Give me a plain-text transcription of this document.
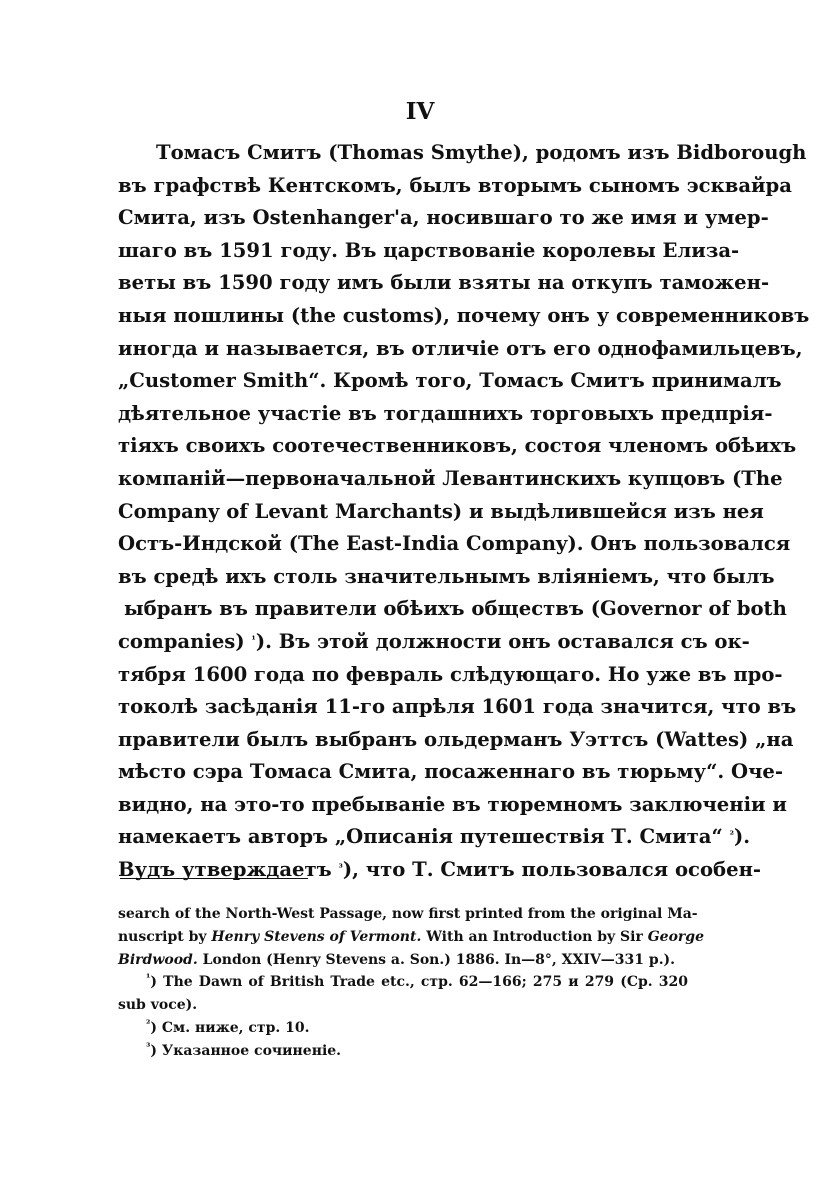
IV
Томасъ Смитъ (Thomas Smythe), родомъ изъ Bidborough
въ графствѣ Кентскомъ, былъ вторымъ сыномъ эсквайра
Смита, изъ Ostenhanger'a, носившаго то же имя и умер-
шаго въ 1591 году. Въ царствованіе королевы Елиза-
веты въ 1590 году имъ были взяты на откупъ таможен-
ныя пошлины (the customs), почему онъ у современниковъ
иногда и называется, въ отличіе отъ его однофамильцевъ,
„Customer Smith“. Кромѣ того, Томасъ Смитъ принималъ
дѣятельное участіе въ тогдашнихъ торговыхъ предпрія-
тіяхъ своихъ соотечественниковъ, состоя членомъ обѣихъ
компаній—первоначальной Левантинскихъ купцовъ (The
Company of Levant Marchants) и выдѣлившейся изъ нея
Остъ-Индской (The East-India Company). Онъ пользовался
въ средѣ ихъ столь значительнымъ вліяніемъ, что былъ
ыбранъ въ правители обѣихъ обществъ (Governor of both
companies) $^{^1}$). Въ этой должности онъ оставался съ ок-
тября 1600 года по февраль слѣдующаго. Но уже въ про-
токолѣ засѣданія 11-го апрѣля 1601 года значится, что въ
правители былъ выбранъ ольдерманъ Уэттсъ (Wattes) „на
мѣсто сэра Томаса Смита, посаженнаго въ тюрьму“. Оче-
видно, на это-то пребываніе въ тюремномъ заключеніи и
намекаетъ авторъ „Описанія путешествія Т. Смита“ $^{^2}$).
Вудъ утверждаетъ $^{^3}$), что Т. Смитъ пользовался особен-
search of the North-West Passage, now first printed from the original Ma-
nuscript by Henry Stevens of Vermont. With an Introduction by Sir George
Birdwood. London (Henry Stevens a. Son.) 1886. In—8°, XXIV—331 p.).
$^{^1}$) The Dawn of British Trade etc., стр. 62—166; 275 и 279 (Cp. 320
sub voce).
$^{^2}$) См. ниже, стр. 10.
$^{^3}$) Указанное сочиненіе.
